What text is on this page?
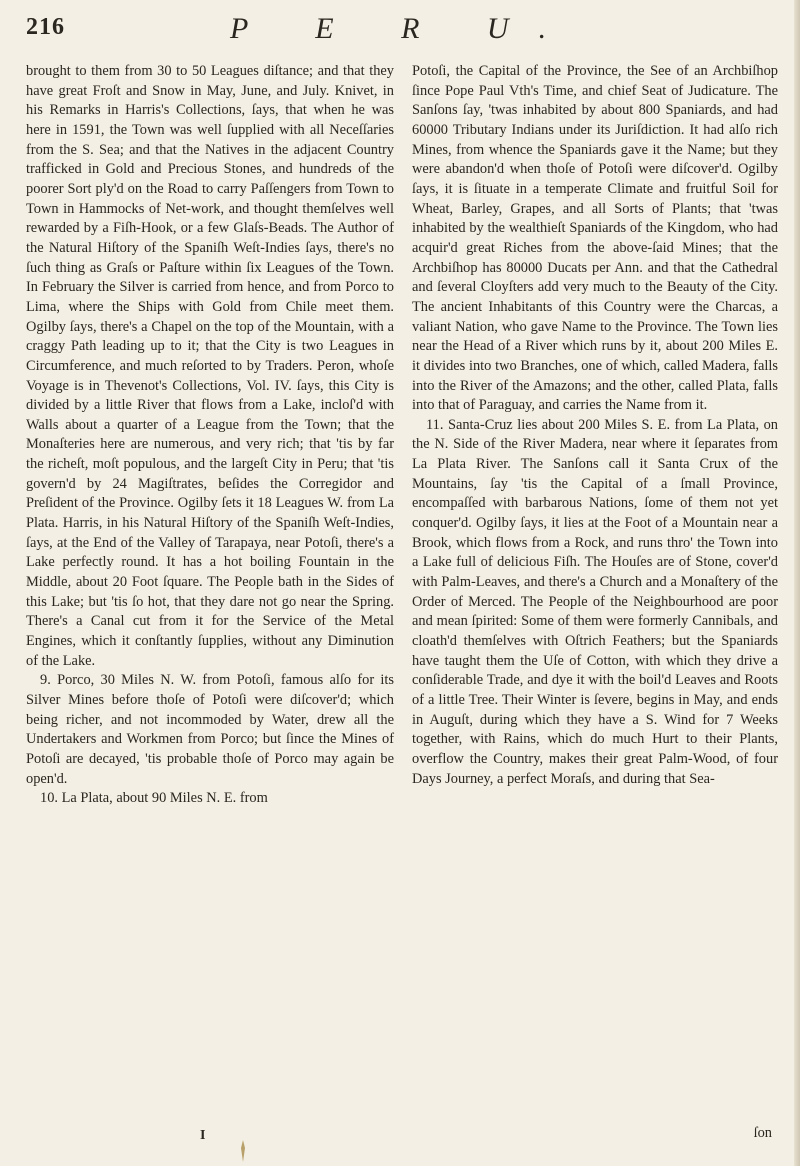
216	P E R U.

brought to them from 30 to 50 Leagues diſtance; and that they have great Froſt and Snow in May, June, and July. Knivet, in his Remarks in Harris's Collections, ſays, that when he was here in 1591, the Town was well ſupplied with all Neceſſaries from the S. Sea; and that the Natives in the adjacent Country trafficked in Gold and Precious Stones, and hundreds of the poorer Sort ply'd on the Road to carry Paſſengers from Town to Town in Hammocks of Net-work, and thought themſelves well rewarded by a Fiſh-Hook, or a few Glaſs-Beads. The Author of the Natural Hiſtory of the Spaniſh Weſt-Indies ſays, there's no ſuch thing as Graſs or Paſture within ſix Leagues of the Town. In February the Silver is carried from hence, and from Porco to Lima, where the Ships with Gold from Chile meet them. Ogilby ſays, there's a Chapel on the top of the Mountain, with a craggy Path leading up to it; that the City is two Leagues in Circumference, and much reſorted to by Traders. Peron, whoſe Voyage is in Thevenot's Collections, Vol. IV. ſays, this City is divided by a little River that flows from a Lake, incloſ'd with Walls about a quarter of a League from the Town; that the Monaſteries here are numerous, and very rich; that 'tis by far the richeſt, moſt populous, and the largeſt City in Peru; that 'tis govern'd by 24 Magiſtrates, beſides the Corregidor and Preſident of the Province. Ogilby ſets it 18 Leagues W. from La Plata. Harris, in his Natural Hiſtory of the Spaniſh Weſt-Indies, ſays, at the End of the Valley of Tarapaya, near Potoſi, there's a Lake perfectly round. It has a hot boiling Fountain in the Middle, about 20 Foot ſquare. The People bath in the Sides of this Lake; but 'tis ſo hot, that they dare not go near the Spring. There's a Canal cut from it for the Service of the Metal Engines, which it conſtantly ſupplies, without any Diminution of the Lake.

9. Porco, 30 Miles N. W. from Potoſi, famous alſo for its Silver Mines before thoſe of Potoſi were diſcover'd; which being richer, and not incommoded by Water, drew all the Undertakers and Workmen from Porco; but ſince the Mines of Potoſi are decayed, 'tis probable thoſe of Porco may again be open'd.

10. La Plata, about 90 Miles N. E. from

Potoſi, the Capital of the Province, the See of an Archbiſhop ſince Pope Paul Vth's Time, and chief Seat of Judicature. The Sanſons ſay, 'twas inhabited by about 800 Spaniards, and had 60000 Tributary Indians under its Juriſdiction. It had alſo rich Mines, from whence the Spaniards gave it the Name; but they were abandon'd when thoſe of Potoſi were diſcover'd. Ogilby ſays, it is ſituate in a temperate Climate and fruitful Soil for Wheat, Barley, Grapes, and all Sorts of Plants; that 'twas inhabited by the wealthieſt Spaniards of the Kingdom, who had acquir'd great Riches from the above-ſaid Mines; that the Archbiſhop has 80000 Ducats per Ann. and that the Cathedral and ſeveral Cloyſters add very much to the Beauty of the City. The ancient Inhabitants of this Country were the Charcas, a valiant Nation, who gave Name to the Province. The Town lies near the Head of a River which runs by it, about 200 Miles E. it divides into two Branches, one of which, called Madera, falls into the River of the Amazons; and the other, called Plata, falls into that of Paraguay, and carries the Name from it.

11. Santa-Cruz lies about 200 Miles S. E. from La Plata, on the N. Side of the River Madera, near where it ſeparates from La Plata River. The Sanſons call it Santa Crux of the Mountains, ſay 'tis the Capital of a ſmall Province, encompaſſed with barbarous Nations, ſome of them not yet conquer'd. Ogilby ſays, it lies at the Foot of a Mountain near a Brook, which flows from a Rock, and runs thro' the Town into a Lake full of delicious Fiſh. The Houſes are of Stone, cover'd with Palm-Leaves, and there's a Church and a Monaſtery of the Order of Merced. The People of the Neighbourhood are poor and mean ſpirited: Some of them were formerly Cannibals, and cloath'd themſelves with Oſtrich Feathers; but the Spaniards have taught them the Uſe of Cotton, with which they drive a conſiderable Trade, and dye it with the boil'd Leaves and Roots of a little Tree. Their Winter is ſevere, begins in May, and ends in Auguſt, during which they have a S. Wind for 7 Weeks together, with Rains, which do much Hurt to their Plants, overflow the Country, makes their great Palm-Wood, of four Days Journey, a perfect Moraſs, and during that Sea-

I	ſon
